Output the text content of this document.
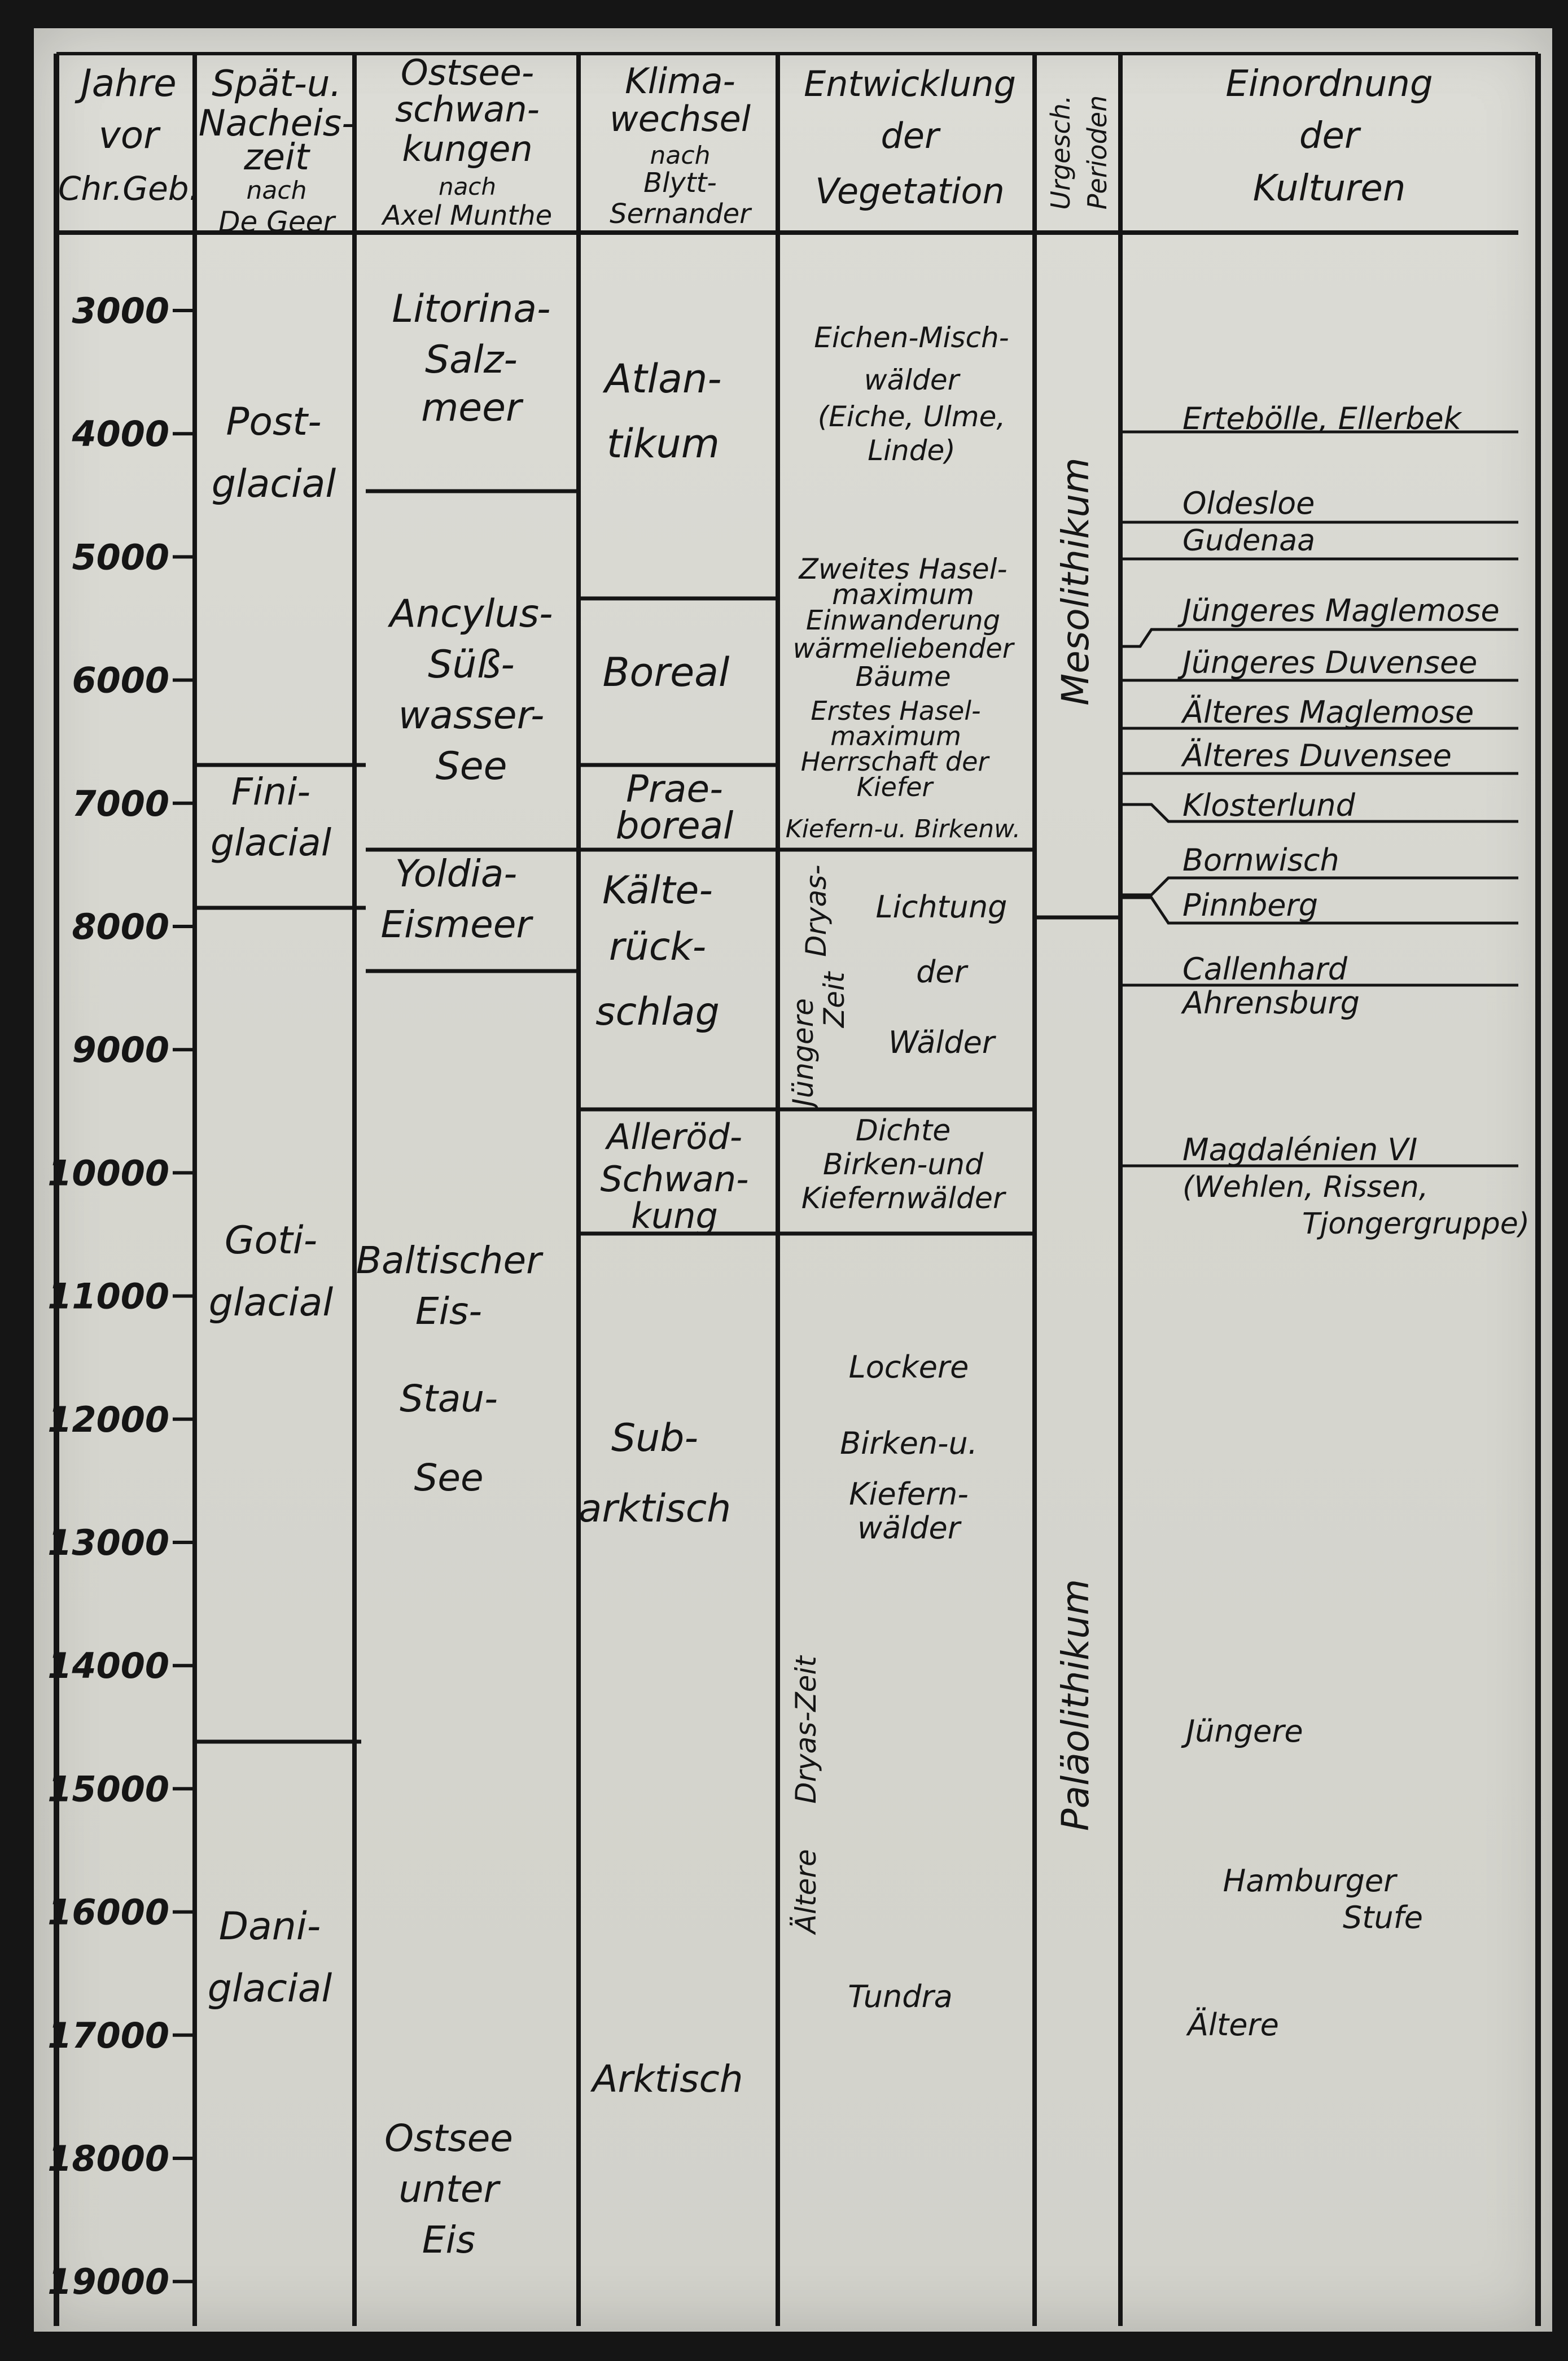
Jahre
vor
Chr.Geb.
Spät-u.
Nacheis-
zeit
nach
De Geer
Ostsee-
schwan-
kungen
nach
Axel Munthe
Klima-
wechsel
nach
Blytt-
Sernander
Entwicklung
der
Vegetation Urgesch. Perioden
Einordnung
der
Kulturen
3000
4000
5000
6000
7000
8000
9000
10000
11000
12000
13000
14000
15000
16000
17000
18000
19000
Post-
glacial
Fini-
glacial
Goti-
glacial
Dani-
glacial
Litorina-
Salz-
meer
Ancylus-
Süß-
wasser-
See
Yoldia-
Eismeer
Baltischer
Eis-
Stau-
See
Ostsee
unter
Eis
Atlan-
tikum
Boreal
Prae-
boreal
Kälte-
rück-
schlag
Alleröd-
Schwan-
kung
Sub-
arktisch
Arktisch
Eichen-Misch-
wälder
(Eiche, Ulme,
Linde)
Zweites Hasel-
maximum
Einwanderung
wärmeliebender
Bäume
Erstes Hasel-
maximum
Herrschaft der
Kiefer
Kiefern-u. Birkenw.
Jüngere
Dryas-
Zeit
Lichtung
der
Wälder
Dichte
Birken-und
Kiefernwälder
Lockere
Birken-u.
Kiefern-
wälder
Ältere
Dryas-Zeit
Tundra
Mesolithikum
Paläolithikum
Ertebölle, Ellerbek
Oldesloe
Gudenaa
Jüngeres Maglemose
Jüngeres Duvensee
Älteres Maglemose
Älteres Duvensee
Klosterlund
Bornwisch
Pinnberg
Callenhard
Ahrensburg
Magdalénien VI
(Wehlen, Rissen,
Tjongergruppe)
Jüngere
Hamburger
Stufe
Ältere
